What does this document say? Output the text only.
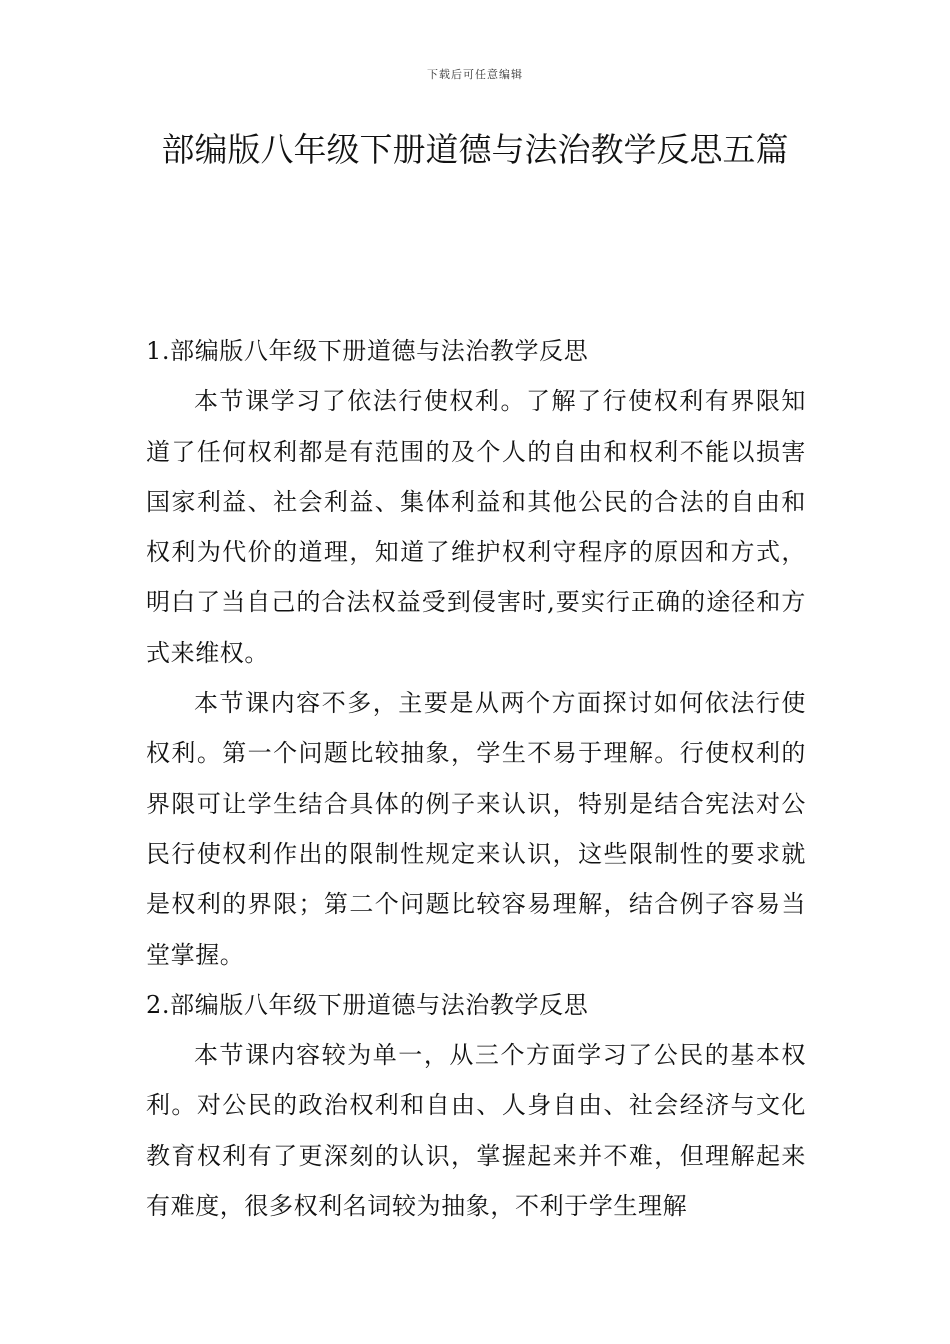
下载后可任意编辑
部编版八年级下册道德与法治教学反思五篇

1.部编版八年级下册道德与法治教学反思

本节课学习了依法行使权利。了解了行使权利有界限知道了任何权利都是有范围的及个人的自由和权利不能以损害国家利益、社会利益、集体利益和其他公民的合法的自由和权利为代价的道理，知道了维护权利守程序的原因和方式，明白了当自己的合法权益受到侵害时,要实行正确的途径和方式来维权。

本节课内容不多，主要是从两个方面探讨如何依法行使权利。第一个问题比较抽象，学生不易于理解。行使权利的界限可让学生结合具体的例子来认识，特别是结合宪法对公民行使权利作出的限制性规定来认识，这些限制性的要求就是权利的界限；第二个问题比较容易理解，结合例子容易当堂掌握。

2.部编版八年级下册道德与法治教学反思

本节课内容较为单一，从三个方面学习了公民的基本权利。对公民的政治权利和自由、人身自由、社会经济与文化教育权利有了更深刻的认识，掌握起来并不难，但理解起来有难度，很多权利名词较为抽象，不利于学生理解
